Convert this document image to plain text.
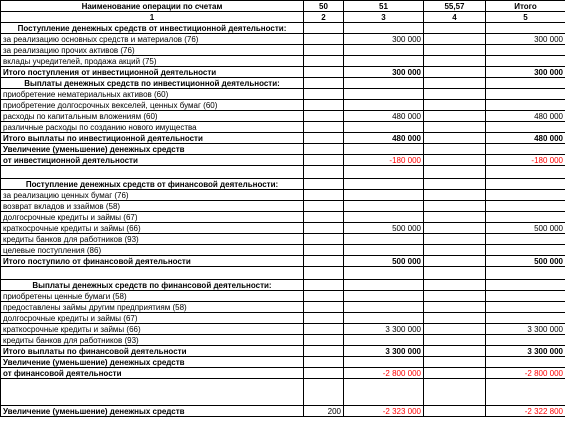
Наименование операции по счетам	50	51	55,57	Итого
1	2	3	4	5
Поступление денежных средств от инвестиционной деятельности:				
за реализацию основных средств и материалов (76)		300 000		300 000
за реализацию прочих активов (76)				
вклады учредителей, продажа акций (75)				
Итого поступления от инвестиционной деятельности		300 000		300 000
Выплаты денежных средств по инвестиционной деятельности:				
приобретение нематериальных активов (60)				
приобретение долгосрочных векселей, ценных бумаг (60)				
расходы по капитальным вложениям (60)		480 000		480 000
различные расходы по созданию нового имущества				
Итого выплаты по инвестиционной деятельности		480 000		480 000
Увеличение (уменьшение) денежных средств				
от инвестиционной деятельности		-180 000		-180 000

Поступление денежных средств от финансовой деятельности:				
за реализацию ценных бумаг (76)				
возврат вкладов и ззаймов (58)				
долгосрочные кредиты и займы (67)				
краткосрочные кредиты и займы (66)		500 000		500 000
кредиты банков для работников (93)				
целевые поступления (86)				
Итого поступило от финансовой деятельности		500 000		500 000

Выплаты денежных средств по финансовой деятельности:				
приобретены ценные бумаги (58)				
предоставлены займы другим предприятиям (58)				
долгосрочные кредиты и займы (67)				
краткосрочные кредиты и займы (66)		3 300 000		3 300 000
кредиты банков для работников (93)				
Итого выплаты по финансовой деятельности		3 300 000		3 300 000
Увеличение (уменьшение) денежных средств				
от финансовой деятельности		-2 800 000		-2 800 000

Увеличение (уменьшение) денежных средств	200	-2 323 000		-2 322 800
